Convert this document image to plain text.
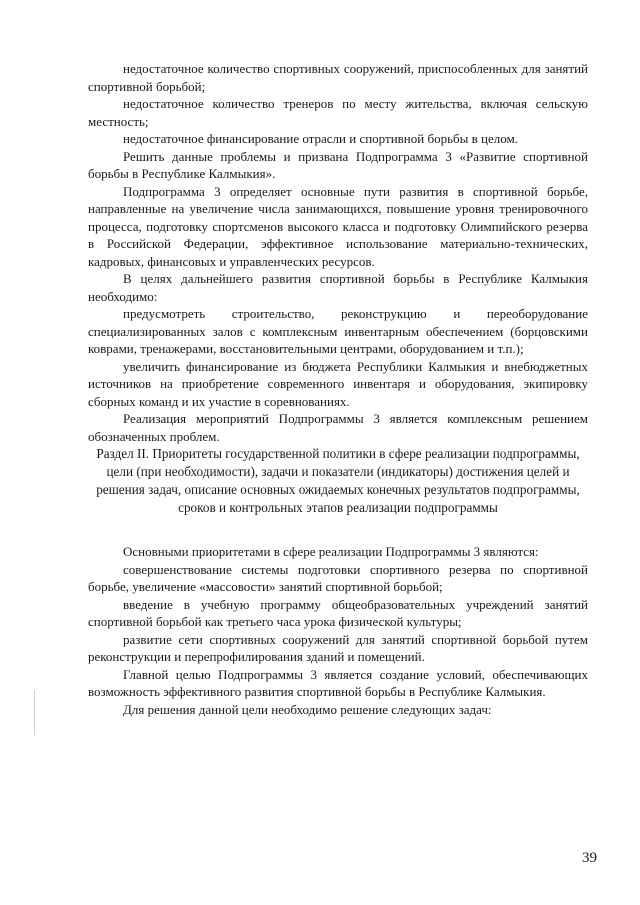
недостаточное количество спортивных сооружений, приспособленных для занятий спортивной борьбой;

недостаточное количество тренеров по месту жительства, включая сельскую местность;

недостаточное финансирование отрасли и спортивной борьбы в целом.

Решить данные проблемы и призвана Подпрограмма 3 «Развитие спортивной борьбы в Республике Калмыкия».

Подпрограмма 3 определяет основные пути развития в спортивной борьбе, направленные на увеличение числа занимающихся, повышение уровня тренировочного процесса, подготовку спортсменов высокого класса и подготовку Олимпийского резерва в Российской Федерации, эффективное использование материально-технических, кадровых, финансовых и управленческих ресурсов.

В целях дальнейшего развития спортивной борьбы в Республике Калмыкия необходимо:

предусмотреть строительство, реконструкцию и переоборудование специализированных залов с комплексным инвентарным обеспечением (борцовскими коврами, тренажерами, восстановительными центрами, оборудованием и т.п.);

увеличить финансирование из бюджета Республики Калмыкия и внебюджетных источников на приобретение современного инвентаря и оборудования, экипировку сборных команд и их участие в соревнованиях.

Реализация мероприятий Подпрограммы 3 является комплексным решением обозначенных проблем.

Раздел II. Приоритеты государственной политики в сфере реализации подпрограммы, цели (при необходимости), задачи и показатели (индикаторы) достижения целей и решения задач, описание основных ожидаемых конечных результатов подпрограммы, сроков и контрольных этапов реализации подпрограммы

Основными приоритетами в сфере реализации Подпрограммы 3 являются:

совершенствование системы подготовки спортивного резерва по спортивной борьбе, увеличение «массовости» занятий спортивной борьбой;

введение в учебную программу общеобразовательных учреждений занятий спортивной борьбой как третьего часа урока физической культуры;

развитие сети спортивных сооружений для занятий спортивной борьбой путем реконструкции и перепрофилирования зданий и помещений.

Главной целью Подпрограммы 3 является создание условий, обеспечивающих возможность эффективного развития спортивной борьбы в Республике Калмыкия.

Для решения данной цели необходимо решение следующих задач:

39
